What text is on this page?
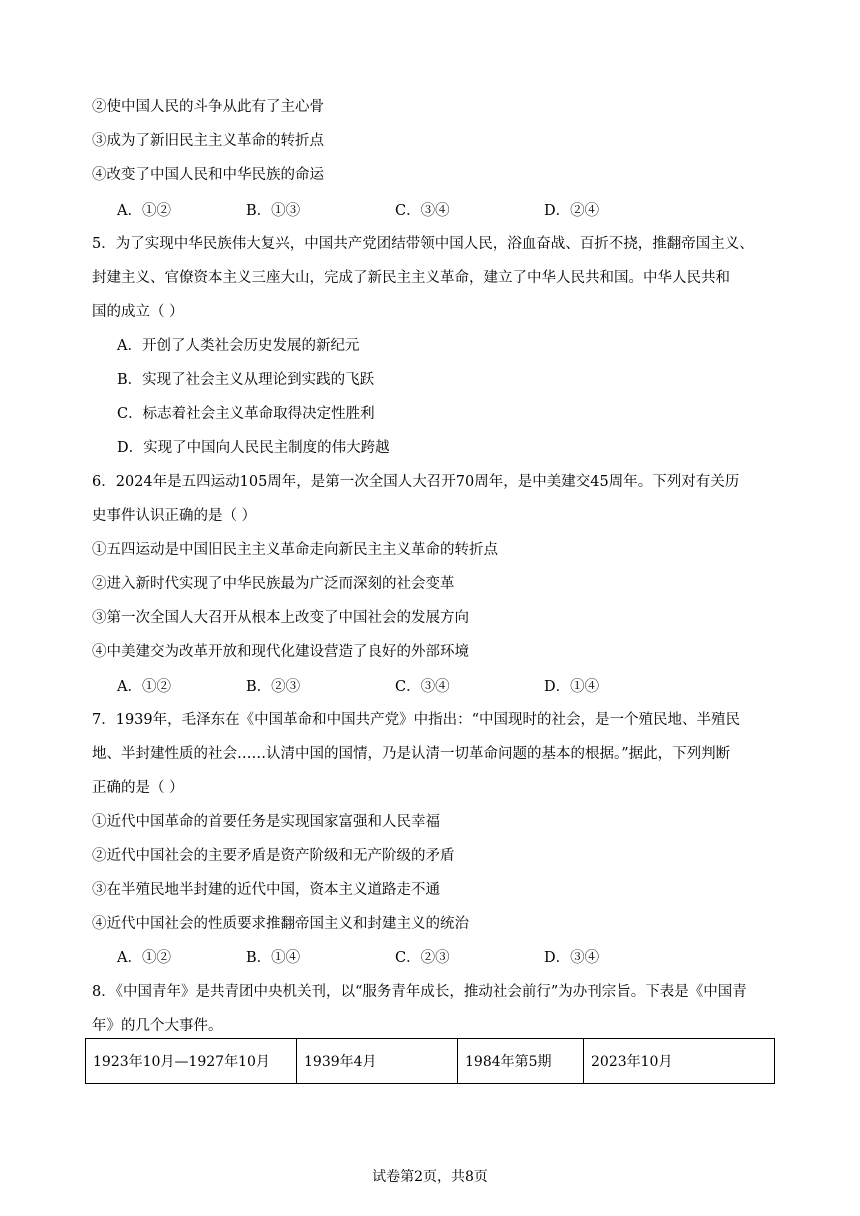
②使中国人民的斗争从此有了主心骨
③成为了新旧民主主义革命的转折点
④改变了中国人民和中华民族的命运
A．①②	B．①③	C．③④	D．②④
5．为了实现中华民族伟大复兴，中国共产党团结带领中国人民，浴血奋战、百折不挠，推翻帝国主义、
封建主义、官僚资本主义三座大山，完成了新民主主义革命，建立了中华人民共和国。中华人民共和
国的成立（ ）
A．开创了人类社会历史发展的新纪元
B．实现了社会主义从理论到实践的飞跃
C．标志着社会主义革命取得决定性胜利
D．实现了中国向人民民主制度的伟大跨越
6．2024年是五四运动105周年，是第一次全国人大召开70周年，是中美建交45周年。下列对有关历
史事件认识正确的是（ ）
①五四运动是中国旧民主主义革命走向新民主主义革命的转折点
②进入新时代实现了中华民族最为广泛而深刻的社会变革
③第一次全国人大召开从根本上改变了中国社会的发展方向
④中美建交为改革开放和现代化建设营造了良好的外部环境
A．①②	B．②③	C．③④	D．①④
7．1939年，毛泽东在《中国革命和中国共产党》中指出：“中国现时的社会，是一个殖民地、半殖民
地、半封建性质的社会……认清中国的国情，乃是认清一切革命问题的基本的根据。”据此，下列判断
正确的是（ ）
①近代中国革命的首要任务是实现国家富强和人民幸福
②近代中国社会的主要矛盾是资产阶级和无产阶级的矛盾
③在半殖民地半封建的近代中国，资本主义道路走不通
④近代中国社会的性质要求推翻帝国主义和封建主义的统治
A．①②	B．①④	C．②③	D．③④
8．《中国青年》是共青团中央机关刊，以“服务青年成长，推动社会前行”为办刊宗旨。下表是《中国青
年》的几个大事件。
1923年10月—1927年10月	1939年4月	1984年第5期	2023年10月
试卷第2页，共8页
